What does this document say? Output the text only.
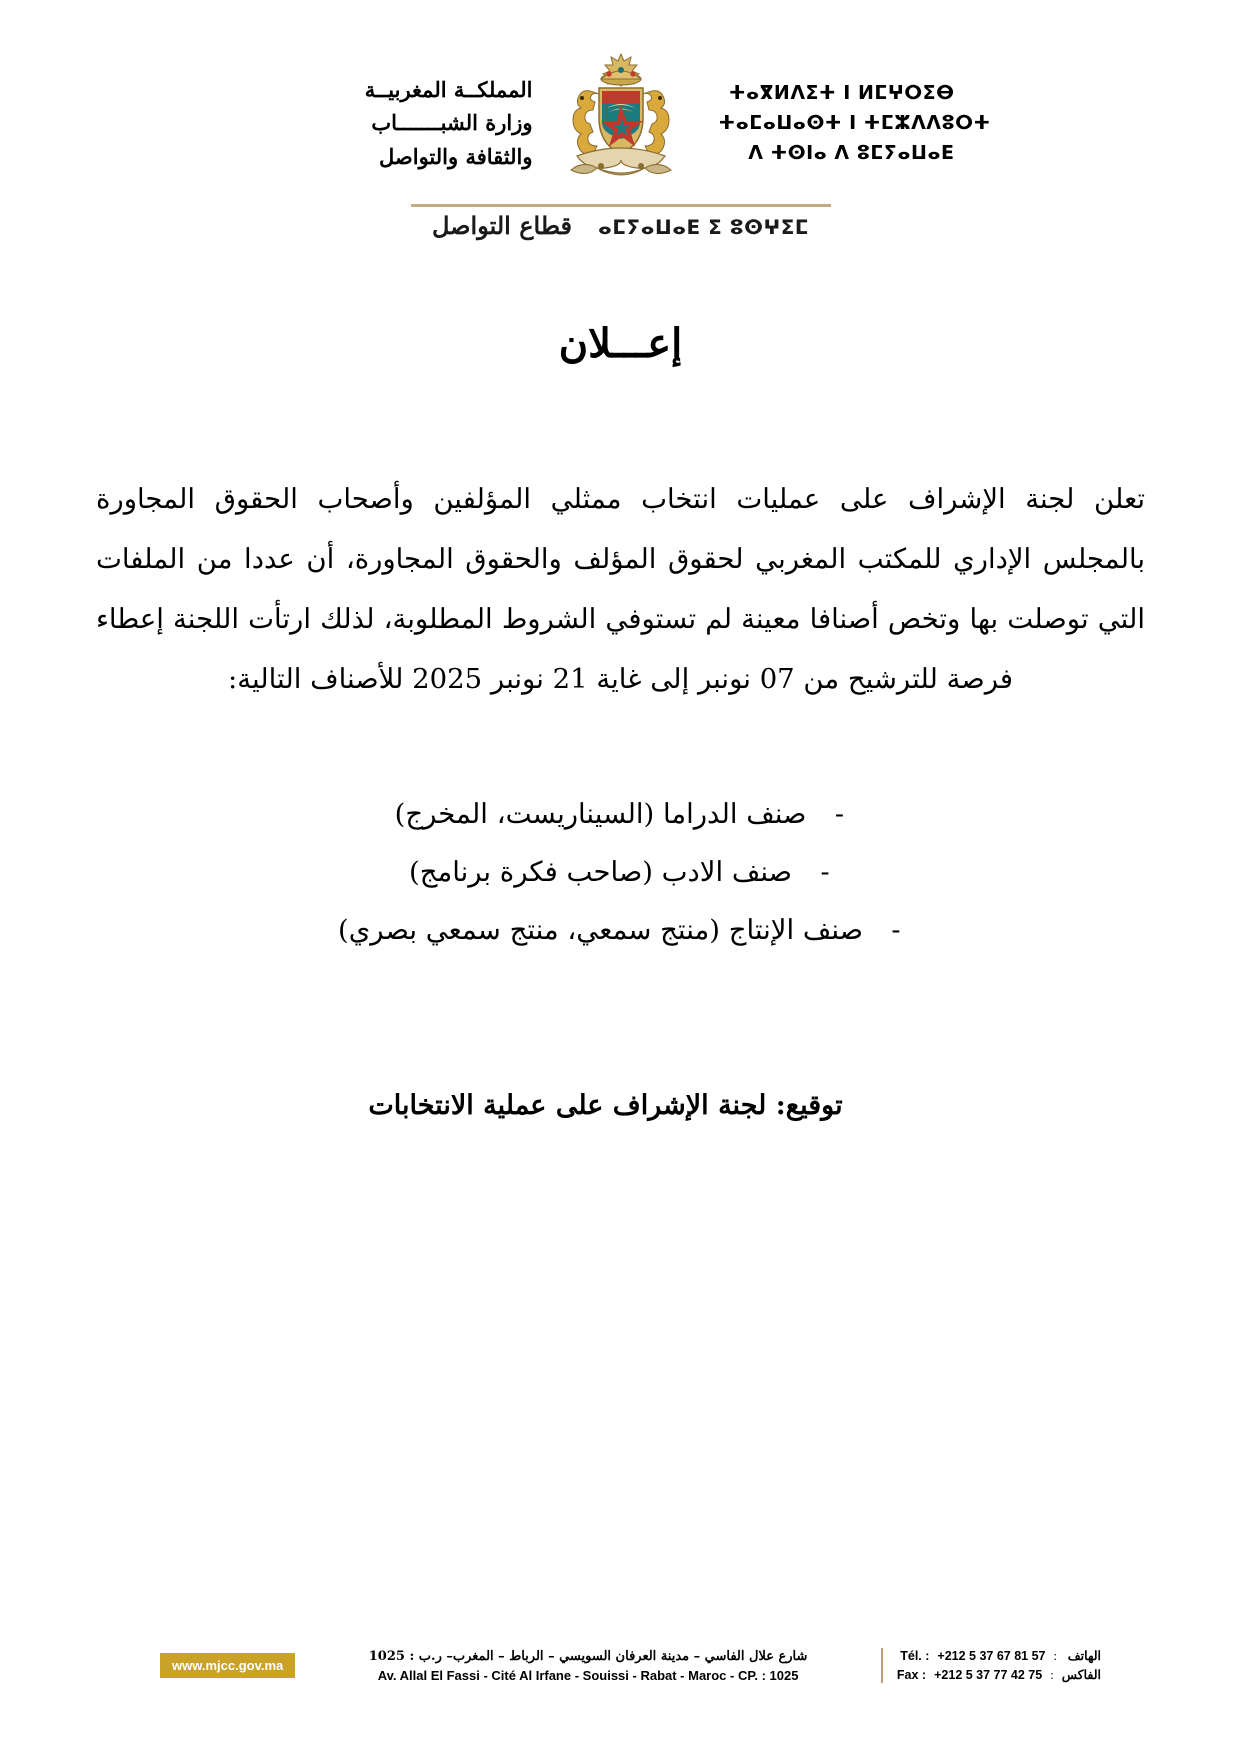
ⵜⴰⴳⵍⴷⵉⵜ ⵏ ⵍⵎⵖⵔⵉⴱ
ⵜⴰⵎⴰⵡⴰⵙⵜ ⵏ ⵜⵎⵣⴷⴷⵓⵔⵜ
ⴷ ⵜⵙⵏⴰ ⴷ ⵓⵎⵢⴰⵡⴰⴹ
المملكــة المغربيــة
وزارة الشبـــــــاب
والثقافة والتواصل
قطاع التواصل ⴰⵎⵢⴰⵡⴰⴹ ⵉ ⵓⵙⵖⵉⵎ
إعـــلان

تعلن لجنة الإشراف على عمليات انتخاب ممثلي المؤلفين وأصحاب الحقوق المجاورة بالمجلس الإداري للمكتب المغربي لحقوق المؤلف والحقوق المجاورة، أن عددا من الملفات التي توصلت بها وتخص أصنافا معينة لم تستوفي الشروط المطلوبة، لذلك ارتأت اللجنة إعطاء فرصة للترشيح من 07 نونبر إلى غاية 21 نونبر 2025 للأصناف التالية:

-
صنف الدراما (السيناريست، المخرج)
-
صنف الادب (صاحب فكرة برنامج)
-
صنف الإنتاج (منتج سمعي، منتج سمعي بصري)
توقيع: لجنة الإشراف على عملية الانتخابات
الهاتف
:
+212 5 37 67 81 57
Tél. :
الفاكس
:
+212 5 37 77 42 75
Fax :
شارع علال الفاسي – مدينة العرفان السويسي – الرباط – المغرب– ر.ب : 1025
Av. Allal El Fassi - Cité Al Irfane - Souissi - Rabat - Maroc - CP. : 1025
www.mjcc.gov.ma
